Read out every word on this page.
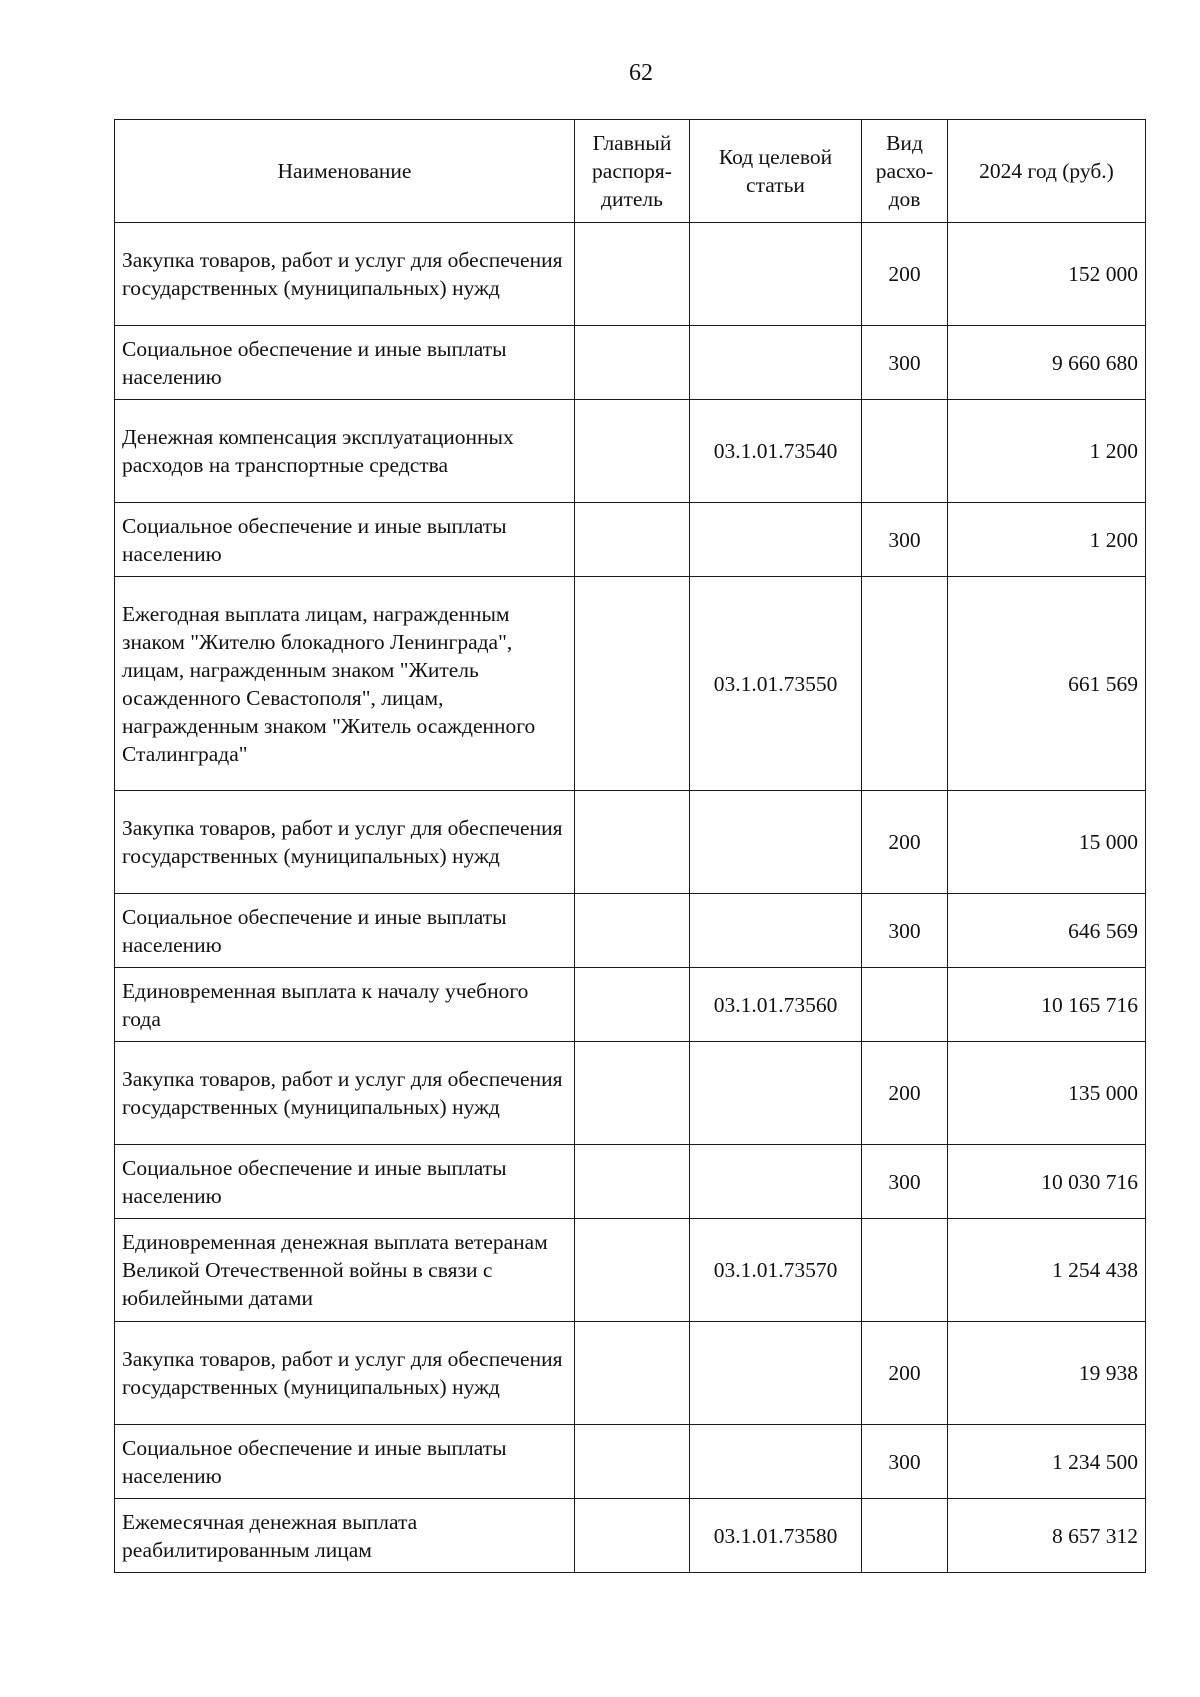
62
Наименование	Главный распоря-дитель	Код целевой статьи	Вид расхо-дов	2024 год (руб.)
Закупка товаров, работ и услуг для обеспечения государственных (муниципальных) нужд			200	152 000
Социальное обеспечение и иные выплаты населению			300	9 660 680
Денежная компенсация эксплуатационных расходов на транспортные средства		03.1.01.73540		1 200
Социальное обеспечение и иные выплаты населению			300	1 200
Ежегодная выплата лицам, награжденным знаком "Жителю блокадного Ленинграда", лицам, награжденным знаком "Житель осажденного Севастополя", лицам, награжденным знаком "Житель осажденного Сталинграда"		03.1.01.73550		661 569
Закупка товаров, работ и услуг для обеспечения государственных (муниципальных) нужд			200	15 000
Социальное обеспечение и иные выплаты населению			300	646 569
Единовременная выплата к началу учебного года		03.1.01.73560		10 165 716
Закупка товаров, работ и услуг для обеспечения государственных (муниципальных) нужд			200	135 000
Социальное обеспечение и иные выплаты населению			300	10 030 716
Единовременная денежная выплата ветеранам Великой Отечественной войны в связи с юбилейными датами		03.1.01.73570		1 254 438
Закупка товаров, работ и услуг для обеспечения государственных (муниципальных) нужд			200	19 938
Социальное обеспечение и иные выплаты населению			300	1 234 500
Ежемесячная денежная выплата реабилитированным лицам		03.1.01.73580		8 657 312
